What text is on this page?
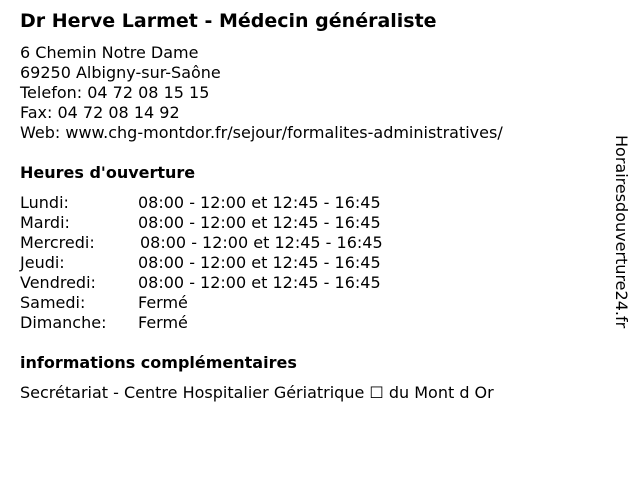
Dr Herve Larmet - Médecin généraliste
6 Chemin Notre Dame
69250 Albigny-sur-Saône
Telefon: 04 72 08 15 15
Fax: 04 72 08 14 92
Web: www.chg-montdor.fr/sejour/formalites-administratives/
Heures d'ouverture
Lundi:	08:00 - 12:00 et 12:45 - 16:45
Mardi:	08:00 - 12:00 et 12:45 - 16:45
Mercredi:	08:00 - 12:00 et 12:45 - 16:45
Jeudi:	08:00 - 12:00 et 12:45 - 16:45
Vendredi:	08:00 - 12:00 et 12:45 - 16:45
Samedi:	Fermé
Dimanche: Fermé
informations complémentaires
Secrétariat - Centre Hospitalier Gériatrique ☐ du Mont d Or
Horairesdouverture24.fr
